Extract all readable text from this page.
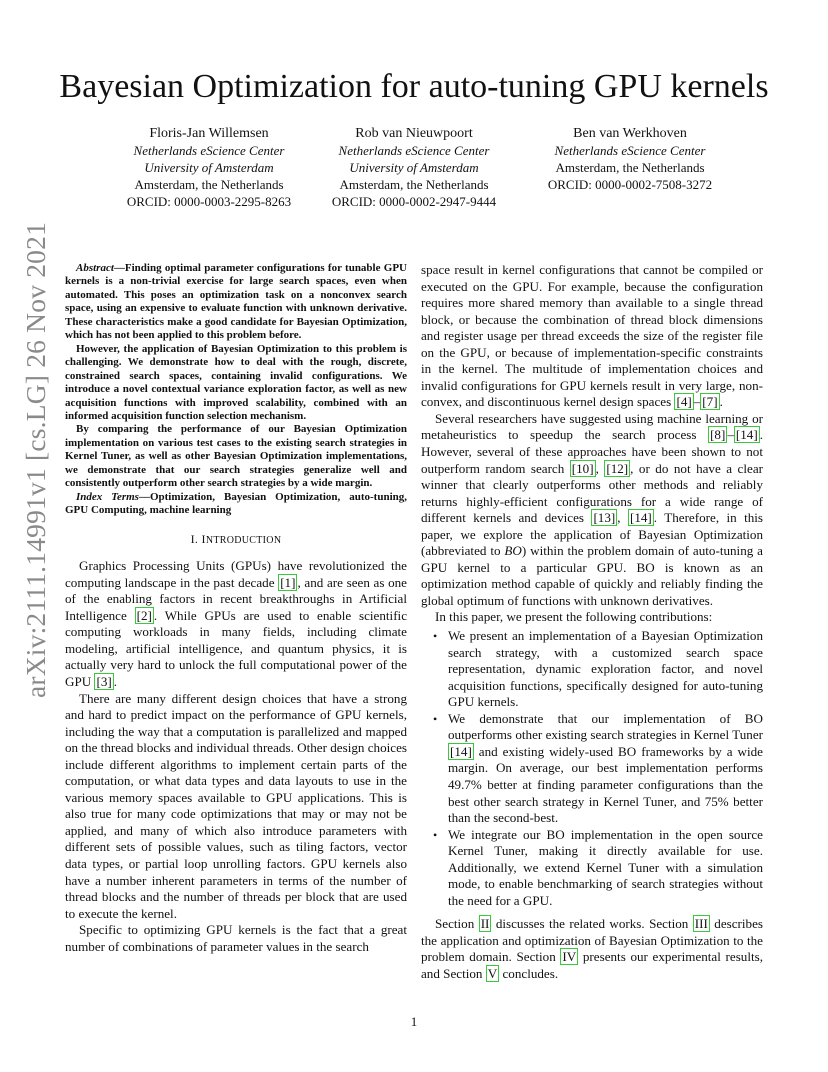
arXiv:2111.14991v1 [cs.LG] 26 Nov 2021
Bayesian Optimization for auto-tuning GPU kernels
Floris-Jan Willemsen
Netherlands eScience Center
University of Amsterdam
Amsterdam, the Netherlands
ORCID: 0000-0003-2295-8263
Rob van Nieuwpoort
Netherlands eScience Center
University of Amsterdam
Amsterdam, the Netherlands
ORCID: 0000-0002-2947-9444
Ben van Werkhoven
Netherlands eScience Center
Amsterdam, the Netherlands
ORCID: 0000-0002-7508-3272

Abstract—Finding optimal parameter configurations for tunable GPU kernels is a non-trivial exercise for large search spaces, even when automated. This poses an optimization task on a nonconvex search space, using an expensive to evaluate function with unknown derivative. These characteristics make a good candidate for Bayesian Optimization, which has not been applied to this problem before.

However, the application of Bayesian Optimization to this problem is challenging. We demonstrate how to deal with the rough, discrete, constrained search spaces, containing invalid configurations. We introduce a novel contextual variance exploration factor, as well as new acquisition functions with improved scalability, combined with an informed acquisition function selection mechanism.

By comparing the performance of our Bayesian Optimization implementation on various test cases to the existing search strategies in Kernel Tuner, as well as other Bayesian Optimization implementations, we demonstrate that our search strategies generalize well and consistently outperform other search strategies by a wide margin.

Index Terms—Optimization, Bayesian Optimization, auto-tuning, GPU Computing, machine learning

I. INTRODUCTION

Graphics Processing Units (GPUs) have revolutionized the computing landscape in the past decade [1] , and are seen as one of the enabling factors in recent breakthroughs in Artificial Intelligence [2] . While GPUs are used to enable scientific computing workloads in many fields, including climate modeling, artificial intelligence, and quantum physics, it is actually very hard to unlock the full computational power of the GPU [3] .

There are many different design choices that have a strong and hard to predict impact on the performance of GPU kernels, including the way that a computation is parallelized and mapped on the thread blocks and individual threads. Other design choices include different algorithms to implement certain parts of the computation, or what data types and data layouts to use in the various memory spaces available to GPU applications. This is also true for many code optimizations that may or may not be applied, and many of which also introduce parameters with different sets of possible values, such as tiling factors, vector data types, or partial loop unrolling factors. GPU kernels also have a number inherent parameters in terms of the number of thread blocks and the number of threads per block that are used to execute the kernel.

Specific to optimizing GPU kernels is the fact that a great number of combinations of parameter values in the search

space result in kernel configurations that cannot be compiled or executed on the GPU. For example, because the configuration requires more shared memory than available to a single thread block, or because the combination of thread block dimensions and register usage per thread exceeds the size of the register file on the GPU, or because of implementation-specific constraints in the kernel. The multitude of implementation choices and invalid configurations for GPU kernels result in very large, non-convex, and discontinuous kernel design spaces [4] – [7] .

Several researchers have suggested using machine learning or metaheuristics to speedup the search process [8] – [14] . However, several of these approaches have been shown to not outperform random search [10] , [12] , or do not have a clear winner that clearly outperforms other methods and reliably returns highly-efficient configurations for a wide range of different kernels and devices [13] , [14] . Therefore, in this paper, we explore the application of Bayesian Optimization (abbreviated to BO) within the problem domain of auto-tuning a GPU kernel to a particular GPU. BO is known as an optimization method capable of quickly and reliably finding the global optimum of functions with unknown derivatives.

In this paper, we present the following contributions:

• We present an implementation of a Bayesian Optimization search strategy, with a customized search space representation, dynamic exploration factor, and novel acquisition functions, specifically designed for auto-tuning GPU kernels.
• We demonstrate that our implementation of BO outperforms other existing search strategies in Kernel Tuner [14] and existing widely-used BO frameworks by a wide margin. On average, our best implementation performs 49.7% better at finding parameter configurations than the best other search strategy in Kernel Tuner, and 75% better than the second-best.
• We integrate our BO implementation in the open source Kernel Tuner, making it directly available for use. Additionally, we extend Kernel Tuner with a simulation mode, to enable benchmarking of search strategies without the need for a GPU.

Section II discusses the related works. Section III describes the application and optimization of Bayesian Optimization to the problem domain. Section IV presents our experimental results, and Section V concludes.

1
